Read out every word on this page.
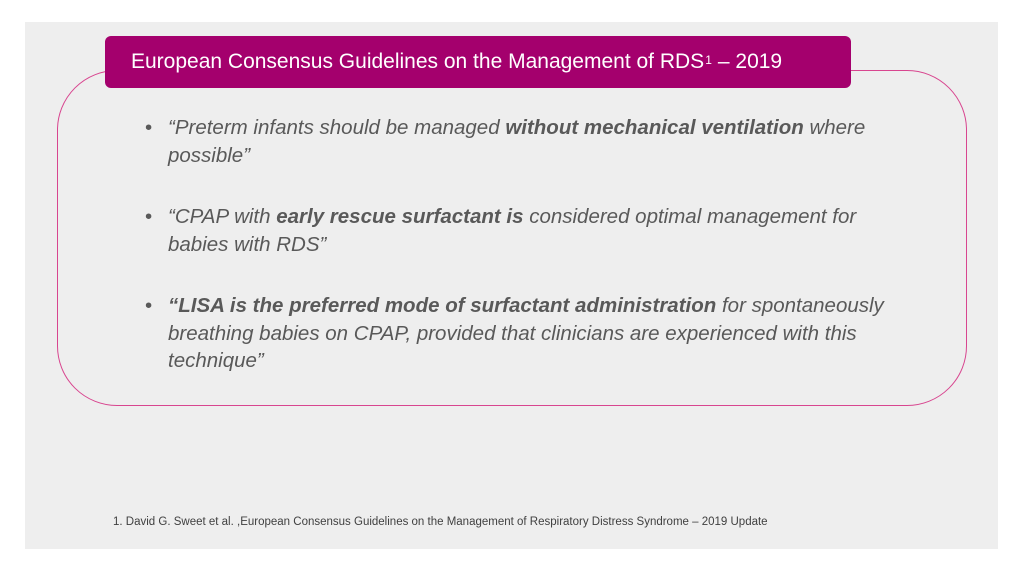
European Consensus Guidelines on the Management of RDS$^1$ – 2019
• “Preterm infants should be managed without mechanical ventilation where possible”
• “CPAP with early rescue surfactant is considered optimal management for babies with RDS”
• “LISA is the preferred mode of surfactant administration for spontaneously breathing babies on CPAP, provided that clinicians are experienced with this technique”
1. David G. Sweet et al. ,European Consensus Guidelines on the Management of Respiratory Distress Syndrome – 2019 Update
